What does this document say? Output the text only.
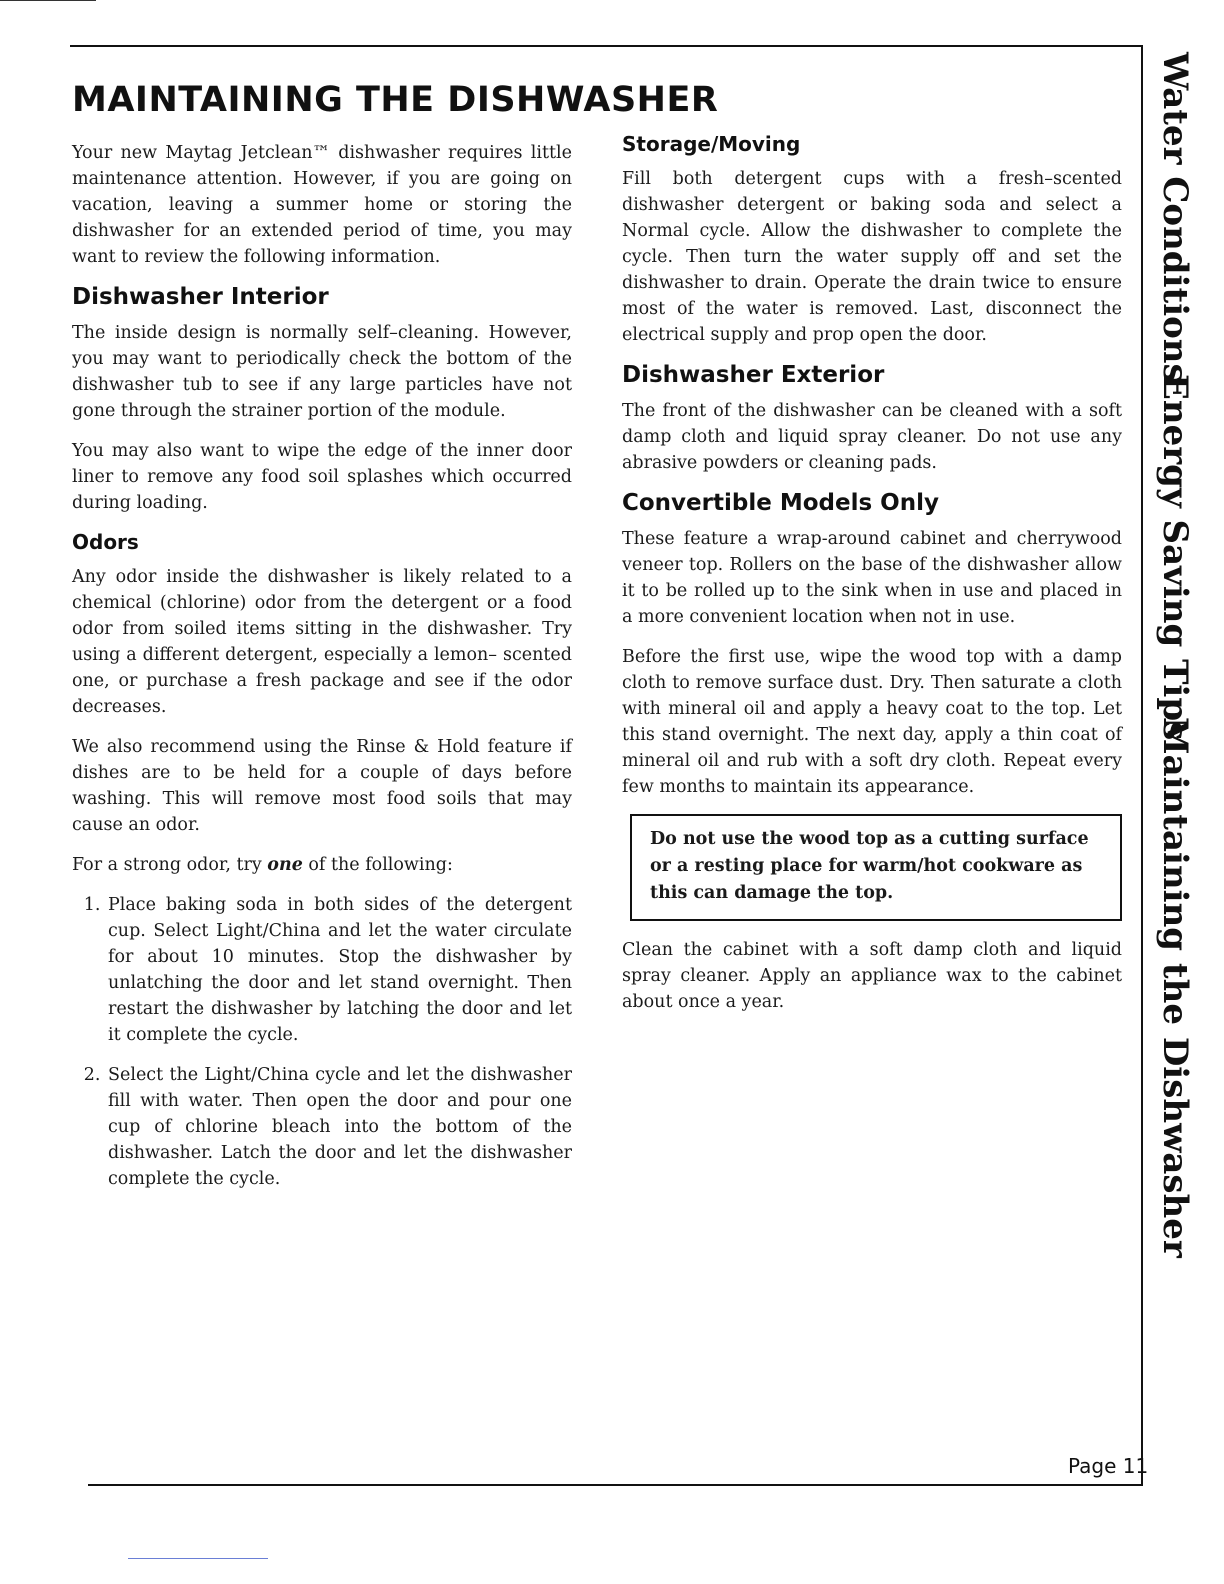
MAINTAINING THE DISHWASHER

Your new Maytag Jetclean™ dishwasher requires little maintenance attention. However, if you are going on vacation, leaving a summer home or storing the dishwasher for an extended period of time, you may want to review the following information.

Dishwasher Interior

The inside design is normally self–cleaning. However, you may want to periodically check the bottom of the dishwasher tub to see if any large particles have not gone through the strainer portion of the module.

You may also want to wipe the edge of the inner door liner to remove any food soil splashes which occurred during loading.

Odors

Any odor inside the dishwasher is likely related to a chemical (chlorine) odor from the detergent or a food odor from soiled items sitting in the dishwasher. Try using a different detergent, especially a lemon– scented one, or purchase a fresh package and see if the odor decreases.

We also recommend using the Rinse & Hold feature if dishes are to be held for a couple of days before washing. This will remove most food soils that may cause an odor.

For a strong odor, try one of the following:

1. Place baking soda in both sides of the detergent cup. Select Light/China and let the water circulate for about 10 minutes. Stop the dishwasher by unlatching the door and let stand overnight. Then restart the dishwasher by latching the door and let it complete the cycle.
2. Select the Light/China cycle and let the dishwasher fill with water. Then open the door and pour one cup of chlorine bleach into the bottom of the dishwasher. Latch the door and let the dishwasher complete the cycle.
Storage/Moving

Fill both detergent cups with a fresh–scented dishwasher detergent or baking soda and select a Normal cycle. Allow the dishwasher to complete the cycle. Then turn the water supply off and set the dishwasher to drain. Operate the drain twice to ensure most of the water is removed. Last, disconnect the electrical supply and prop open the door.

Dishwasher Exterior

The front of the dishwasher can be cleaned with a soft damp cloth and liquid spray cleaner. Do not use any abrasive powders or cleaning pads.

Convertible Models Only

These feature a wrap-around cabinet and cherrywood veneer top. Rollers on the base of the dishwasher allow it to be rolled up to the sink when in use and placed in a more convenient location when not in use.

Before the first use, wipe the wood top with a damp cloth to remove surface dust. Dry. Then saturate a cloth with mineral oil and apply a heavy coat to the top. Let this stand overnight. The next day, apply a thin coat of mineral oil and rub with a soft dry cloth. Repeat every few months to maintain its appearance.

Do not use the wood top as a cutting surface or a resting place for warm/hot cookware as this can damage the top.

Clean the cabinet with a soft damp cloth and liquid spray cleaner. Apply an appliance wax to the cabinet about once a year.

Water Conditions
Energy Saving Tips
Maintaining the Dishwasher
Page 11
